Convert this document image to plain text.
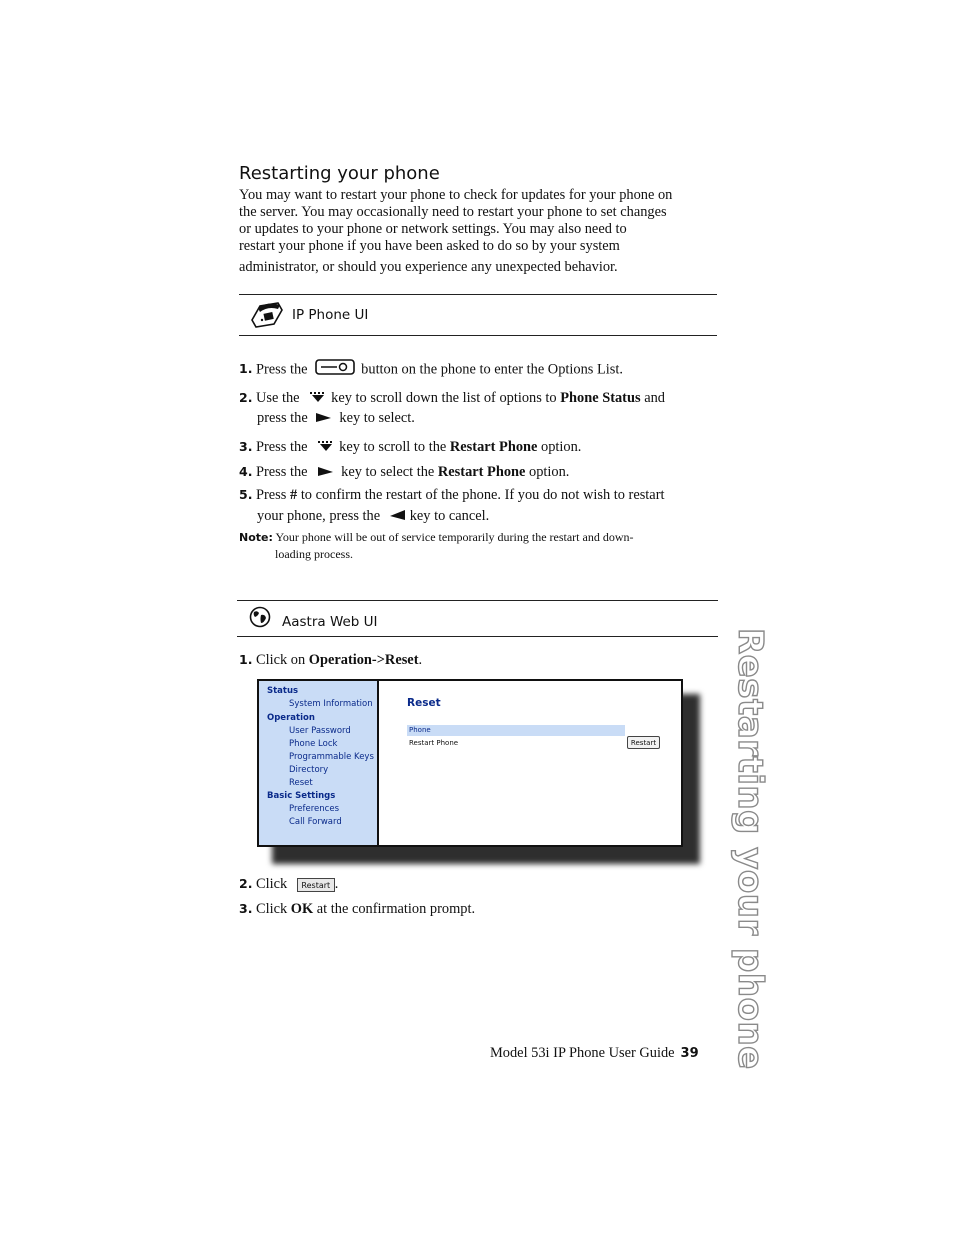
Restarting your phone

You may want to restart your phone to check for updates for your phone on

the server. You may occasionally need to restart your phone to set changes

or updates to your phone or network settings. You may also need to

restart your phone if you have been asked to do so by your system

administrator, or should you experience any unexpected behavior.

IP Phone UI
1. Press the	button on the phone to enter the Options List.
2. Use the key to scroll down the list of options to Phone Status and
press the key to select.
3. Press the key to scroll to the Restart Phone option.
4. Press the key to select the Restart Phone option.
5. Press # to confirm the restart of the phone. If you do not wish to restart
your phone, press the key to cancel.
Note: Your phone will be out of service temporarily during the restart and down-
loading process.
Aastra Web UI
1. Click on Operation->Reset.
Status
System Information
Operation
User Password
Phone Lock
Programmable Keys
Directory
Reset
Basic Settings
Preferences
Call Forward
Reset
Phone
Restart Phone	Restart
2. Click Restart .
3. Click OK at the confirmation prompt.	Restarting your phone
Model 53i IP Phone User Guide 39
